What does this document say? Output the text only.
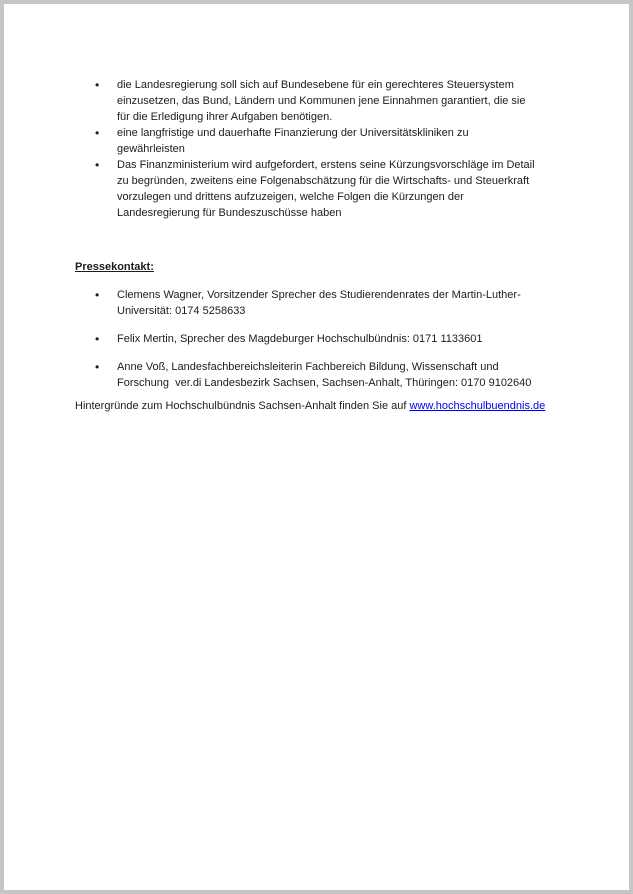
• die Landesregierung soll sich auf Bundesebene für ein gerechteres Steuersystem
einzusetzen, das Bund, Ländern und Kommunen jene Einnahmen garantiert, die sie
für die Erledigung ihrer Aufgaben benötigen.
• eine langfristige und dauerhafte Finanzierung der Universitätskliniken zu
gewährleisten
• Das Finanzministerium wird aufgefordert, erstens seine Kürzungsvorschläge im Detail
zu begründen, zweitens eine Folgenabschätzung für die Wirtschafts- und Steuerkraft
vorzulegen und drittens aufzuzeigen, welche Folgen die Kürzungen der
Landesregierung für Bundeszuschüsse haben
Pressekontakt:
• Clemens Wagner, Vorsitzender Sprecher des Studierendenrates der Martin-Luther-
Universität: 0174 5258633
• Felix Mertin, Sprecher des Magdeburger Hochschulbündnis: 0171 1133601
• Anne Voß, Landesfachbereichsleiterin Fachbereich Bildung, Wissenschaft und
Forschung  ver.di Landesbezirk Sachsen, Sachsen-Anhalt, Thüringen: 0170 9102640
Hintergründe zum Hochschulbündnis Sachsen-Anhalt finden Sie auf www.hochschulbuendnis.de
